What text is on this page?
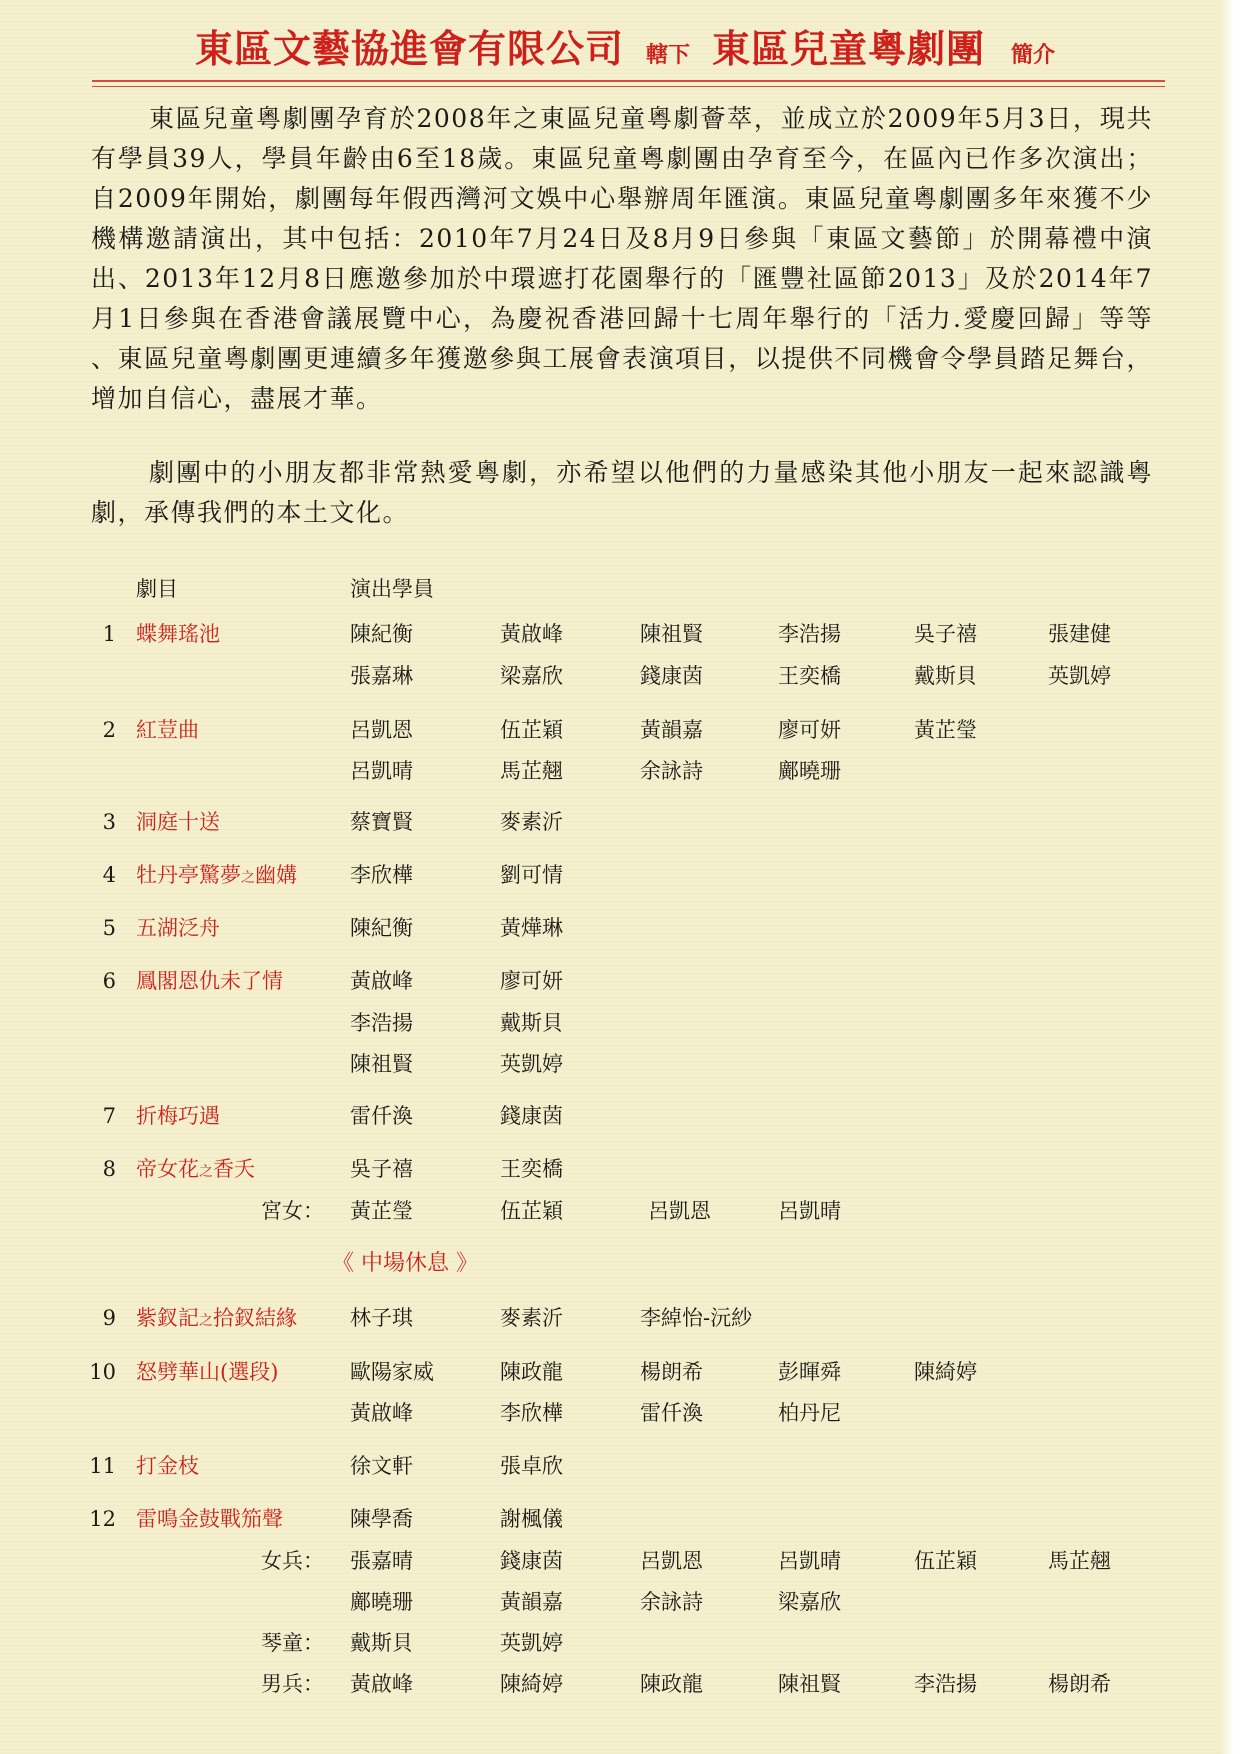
東區文藝協進會有限公司 轄下 東區兒童粵劇團 簡介

東區兒童粵劇團孕育於2008年之東區兒童粵劇薈萃，並成立於2009年5月3日，現共有學員39人，學員年齡由6至18歲。東區兒童粵劇團由孕育至今，在區內已作多次演出；自2009年開始，劇團每年假西灣河文娛中心舉辦周年匯演。東區兒童粵劇團多年來獲不少機構邀請演出，其中包括：2010年7月24日及8月9日參與「東區文藝節」於開幕禮中演出、2013年12月8日應邀參加於中環遮打花園舉行的「匯豐社區節2013」及於2014年7月1日參與在香港會議展覽中心，為慶祝香港回歸十七周年舉行的「活力.愛慶回歸」等等 、東區兒童粵劇團更連續多年獲邀參與工展會表演項目，以提供不同機會令學員踏足舞台，增加自信心，盡展才華。

劇團中的小朋友都非常熱愛粵劇，亦希望以他們的力量感染其他小朋友一起來認識粵劇，承傳我們的本土文化。

劇目	演出學員
1 蝶舞瑤池	陳紀衡	黃啟峰	陳祖賢	李浩揚	吳子禧	張建健
張嘉琳	梁嘉欣	錢康茵	王奕橋	戴斯貝	英凱婷
2 紅荳曲	呂凱恩	伍芷穎	黃韻嘉	廖可妍	黃芷瑩
呂凱晴	馬芷翹	余詠詩	鄺曉珊
3 洞庭十送	蔡寶賢	麥素沂
4 牡丹亭驚夢之幽媾	李欣樺	劉可情
5 五湖泛舟	陳紀衡	黃燁琳
6 鳳閣恩仇未了情	黃啟峰	廖可妍
李浩揚	戴斯貝
陳祖賢	英凱婷
7 折梅巧遇	雷仟渙	錢康茵
8 帝女花之香夭	吳子禧	王奕橋
宮女： 黃芷瑩	伍芷穎	呂凱恩	呂凱晴
《 中場休息 》
9 紫釵記之拾釵結緣	林子琪	麥素沂	李綽怡-沅紗
10 怒劈華山(選段)	歐陽家威	陳政龍	楊朗希	彭暉舜	陳綺婷
黃啟峰	李欣樺	雷仟渙	柏丹尼
11 打金枝	徐文軒	張卓欣
12 雷鳴金鼓戰笳聲	陳學喬	謝楓儀
女兵： 張嘉晴	錢康茵	呂凱恩	呂凱晴	伍芷穎	馬芷翹
鄺曉珊	黃韻嘉	余詠詩	梁嘉欣
琴童： 戴斯貝	英凱婷
男兵： 黃啟峰	陳綺婷	陳政龍	陳祖賢	李浩揚	楊朗希
